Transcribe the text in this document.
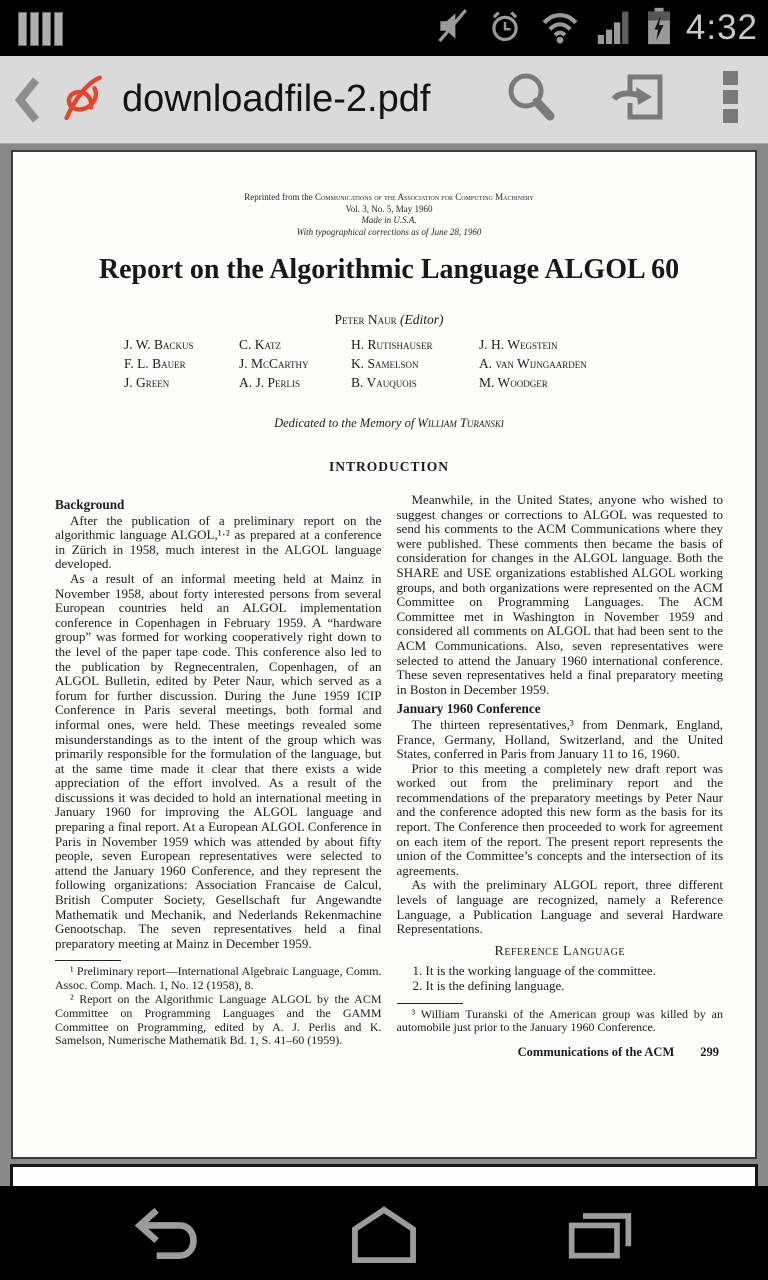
4:32
downloadfile-2.pdf
Reprinted from the Communications of the Association for Computing Machinery
Vol. 3, No. 5, May 1960
Made in U.S.A.
With typographical corrections as of June 28, 1960
Report on the Algorithmic Language ALGOL 60
Peter Naur (Editor)
J. W. Backus	C. Katz	H. Rutishauser	J. H. Wegstein
F. L. Bauer	J. McCarthy	K. Samelson	A. van Wijngaarden
J. Green	A. J. Perlis	B. Vauquois	M. Woodger
Dedicated to the Memory of William Turanski
INTRODUCTION
Background

After the publication of a preliminary report on the algorithmic language ALGOL,¹·² as prepared at a conference in Zürich in 1958, much interest in the ALGOL language developed.

As a result of an informal meeting held at Mainz in November 1958, about forty interested persons from several European countries held an ALGOL implementation conference in Copenhagen in February 1959. A “hardware group” was formed for working cooperatively right down to the level of the paper tape code. This conference also led to the publication by Regnecentralen, Copenhagen, of an ALGOL Bulletin, edited by Peter Naur, which served as a forum for further discussion. During the June 1959 ICIP Conference in Paris several meetings, both formal and informal ones, were held. These meetings revealed some misunderstandings as to the intent of the group which was primarily responsible for the formulation of the language, but at the same time made it clear that there exists a wide appreciation of the effort involved. As a result of the discussions it was decided to hold an international meeting in January 1960 for improving the ALGOL language and preparing a final report. At a European ALGOL Conference in Paris in November 1959 which was attended by about fifty people, seven European representatives were selected to attend the January 1960 Conference, and they represent the following organizations: Association Francaise de Calcul, British Computer Society, Gesellschaft fur Angewandte Mathematik und Mechanik, and Nederlands Rekenmachine Genootschap. The seven representatives held a final preparatory meeting at Mainz in December 1959.

¹ Preliminary report—International Algebraic Language, Comm. Assoc. Comp. Mach. 1, No. 12 (1958), 8.

² Report on the Algorithmic Language ALGOL by the ACM Committee on Programming Languages and the GAMM Committee on Programming, edited by A. J. Perlis and K. Samelson, Numerische Mathematik Bd. 1, S. 41–60 (1959).

Meanwhile, in the United States, anyone who wished to suggest changes or corrections to ALGOL was requested to send his comments to the ACM Communications where they were published. These comments then became the basis of consideration for changes in the ALGOL language. Both the SHARE and USE organizations established ALGOL working groups, and both organizations were represented on the ACM Committee on Programming Languages. The ACM Committee met in Washington in November 1959 and considered all comments on ALGOL that had been sent to the ACM Communications. Also, seven representatives were selected to attend the January 1960 international conference. These seven representatives held a final preparatory meeting in Boston in December 1959.

January 1960 Conference

The thirteen representatives,³ from Denmark, England, France, Germany, Holland, Switzerland, and the United States, conferred in Paris from January 11 to 16, 1960.

Prior to this meeting a completely new draft report was worked out from the preliminary report and the recommendations of the preparatory meetings by Peter Naur and the conference adopted this new form as the basis for its report. The Conference then proceeded to work for agreement on each item of the report. The present report represents the union of the Committee’s concepts and the intersection of its agreements.

As with the preliminary ALGOL report, three different levels of language are recognized, namely a Reference Language, a Publication Language and several Hardware Representations.

Reference Language

1. It is the working language of the committee.

2. It is the defining language.

³ William Turanski of the American group was killed by an automobile just prior to the January 1960 Conference.

Communications of the ACM 299
